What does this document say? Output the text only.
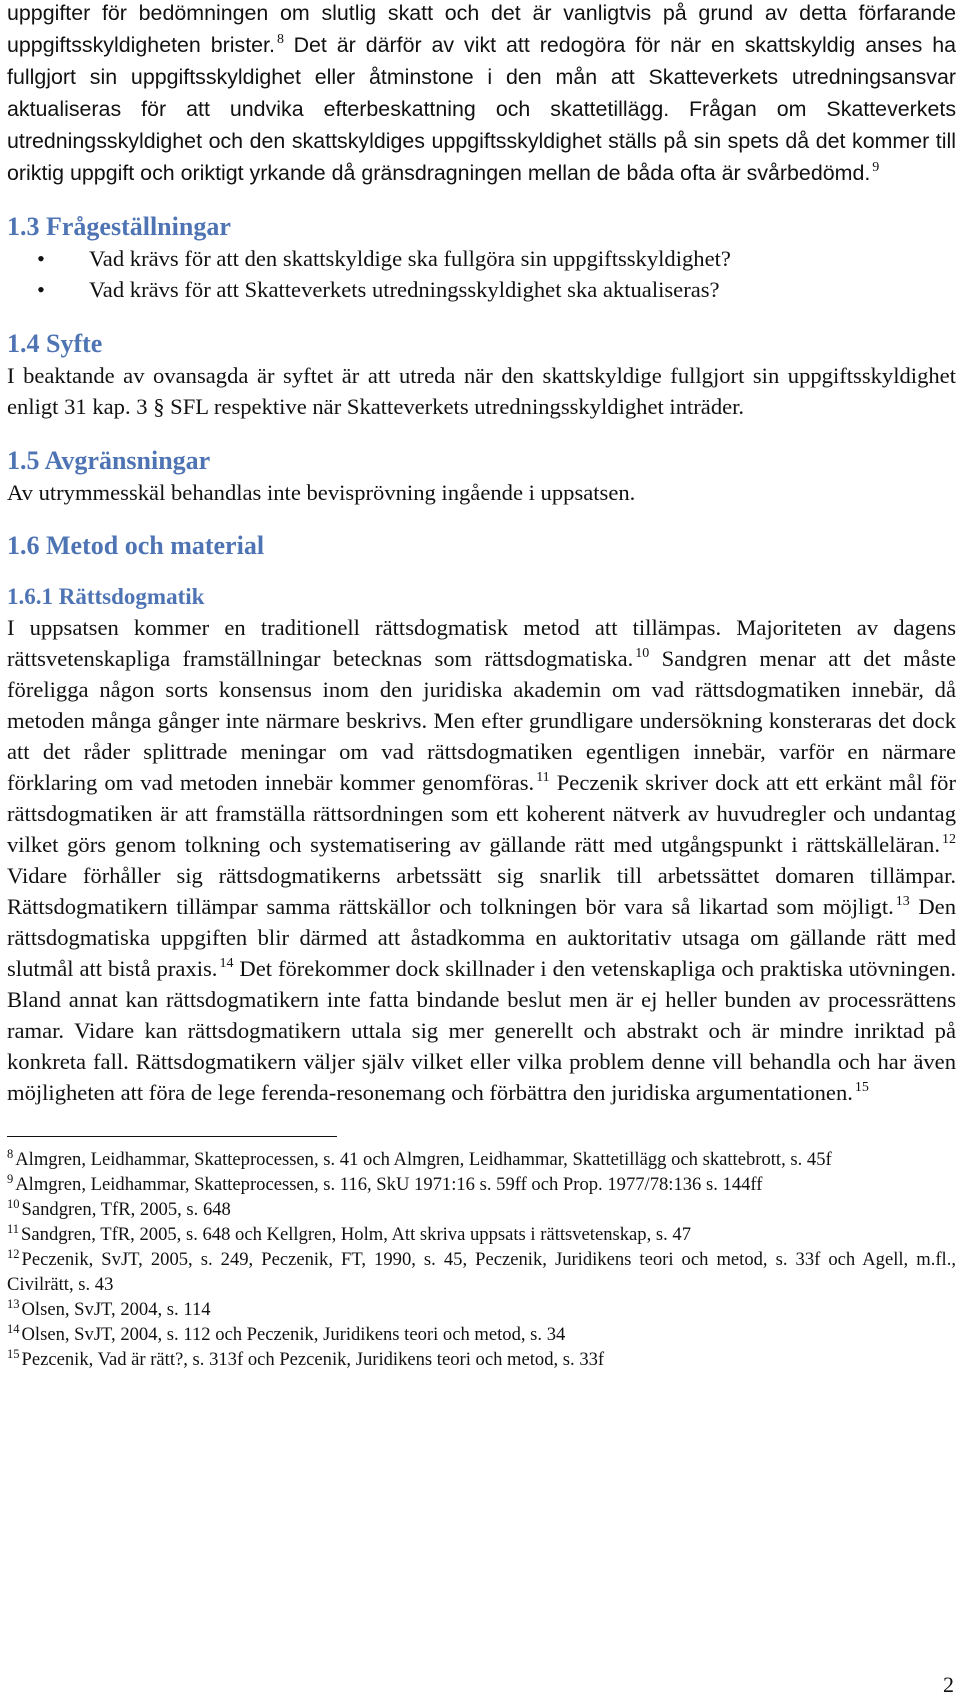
uppgifter för bedömningen om slutlig skatt och det är vanligtvis på grund av detta förfarande uppgiftsskyldigheten brister. $^8$ Det är därför av vikt att redogöra för när en skattskyldig anses ha fullgjort sin uppgiftsskyldighet eller åtminstone i den mån att Skatteverkets utredningsansvar aktualiseras för att undvika efterbeskattning och skattetillägg. Frågan om Skatteverkets utredningsskyldighet och den skattskyldiges uppgiftsskyldighet ställs på sin spets då det kommer till oriktig uppgift och oriktigt yrkande då gränsdragningen mellan de båda ofta är svårbedömd. $^9$

1.3 Frågeställningar
• Vad krävs för att den skattskyldige ska fullgöra sin uppgiftsskyldighet?
• Vad krävs för att Skatteverkets utredningsskyldighet ska aktualiseras?
1.4 Syfte

I beaktande av ovansagda är syftet är att utreda när den skattskyldige fullgjort sin uppgiftsskyldighet enligt 31 kap. 3 § SFL respektive när Skatteverkets utredningsskyldighet inträder.

1.5 Avgränsningar

Av utrymmesskäl behandlas inte bevisprövning ingående i uppsatsen.

1.6 Metod och material
1.6.1 Rättsdogmatik

I uppsatsen kommer en traditionell rättsdogmatisk metod att tillämpas. Majoriteten av dagens rättsvetenskapliga framställningar betecknas som rättsdogmatiska. $^{10}$ Sandgren menar att det måste föreligga någon sorts konsensus inom den juridiska akademin om vad rättsdogmatiken innebär, då metoden många gånger inte närmare beskrivs. Men efter grundligare undersökning konsteraras det dock att det råder splittrade meningar om vad rättsdogmatiken egentligen innebär, varför en närmare förklaring om vad metoden innebär kommer genomföras. $^{11}$ Peczenik skriver dock att ett erkänt mål för rättsdogmatiken är att framställa rättsordningen som ett koherent nätverk av huvudregler och undantag vilket görs genom tolkning och systematisering av gällande rätt med utgångspunkt i rättskälleläran. $^{12}$ Vidare förhåller sig rättsdogmatikerns arbetssätt sig snarlik till arbetssättet domaren tillämpar. Rättsdogmatikern tillämpar samma rättskällor och tolkningen bör vara så likartad som möjligt. $^{13}$ Den rättsdogmatiska uppgiften blir därmed att åstadkomma en auktoritativ utsaga om gällande rätt med slutmål att bistå praxis. $^{14}$ Det förekommer dock skillnader i den vetenskapliga och praktiska utövningen. Bland annat kan rättsdogmatikern inte fatta bindande beslut men är ej heller bunden av processrättens ramar. Vidare kan rättsdogmatikern uttala sig mer generellt och abstrakt och är mindre inriktad på konkreta fall. Rättsdogmatikern väljer själv vilket eller vilka problem denne vill behandla och har även möjligheten att föra de lege ferenda-resonemang och förbättra den juridiska argumentationen. $^{15}$

$^8$ Almgren, Leidhammar, Skatteprocessen, s. 41 och Almgren, Leidhammar, Skattetillägg och skattebrott, s. 45f

$^9$ Almgren, Leidhammar, Skatteprocessen, s. 116, SkU 1971:16 s. 59ff och Prop. 1977/78:136 s. 144ff

$^{10}$ Sandgren, TfR, 2005, s. 648

$^{11}$ Sandgren, TfR, 2005, s. 648 och Kellgren, Holm, Att skriva uppsats i rättsvetenskap, s. 47

$^{12}$ Peczenik, SvJT, 2005, s. 249, Peczenik, FT, 1990, s. 45, Peczenik, Juridikens teori och metod, s. 33f och Agell, m.fl., Civilrätt, s. 43

$^{13}$ Olsen, SvJT, 2004, s. 114

$^{14}$ Olsen, SvJT, 2004, s. 112 och Peczenik, Juridikens teori och metod, s. 34

$^{15}$ Pezcenik, Vad är rätt?, s. 313f och Pezcenik, Juridikens teori och metod, s. 33f

2
